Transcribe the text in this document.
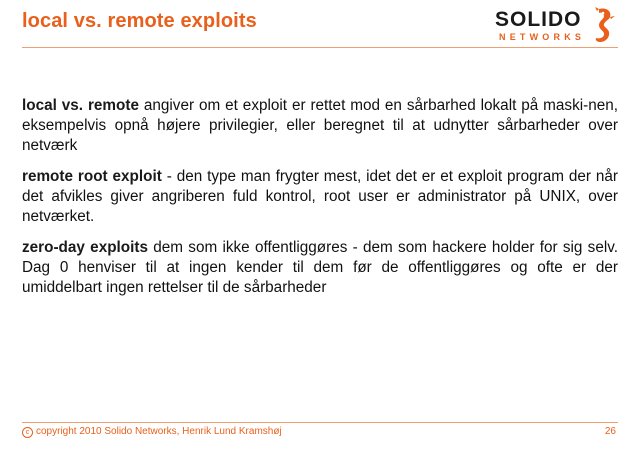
local vs. remote exploits	SOLIDO
NETWORKS

local vs. remote angiver om et exploit er rettet mod en sårbarhed lokalt på maski-nen, eksempelvis opnå højere privilegier, eller beregnet til at udnytter sårbarheder over netværk

remote root exploit - den type man frygter mest, idet det er et exploit program der når det afvikles giver angriberen fuld kontrol, root user er administrator på UNIX, over netværket.

zero-day exploits dem som ikke offentliggøres - dem som hackere holder for sig selv. Dag 0 henviser til at ingen kender til dem før de offentliggøres og ofte er der umiddelbart ingen rettelser til de sårbarheder

c copyright 2010 Solido Networks, Henrik Lund Kramshøj	26
